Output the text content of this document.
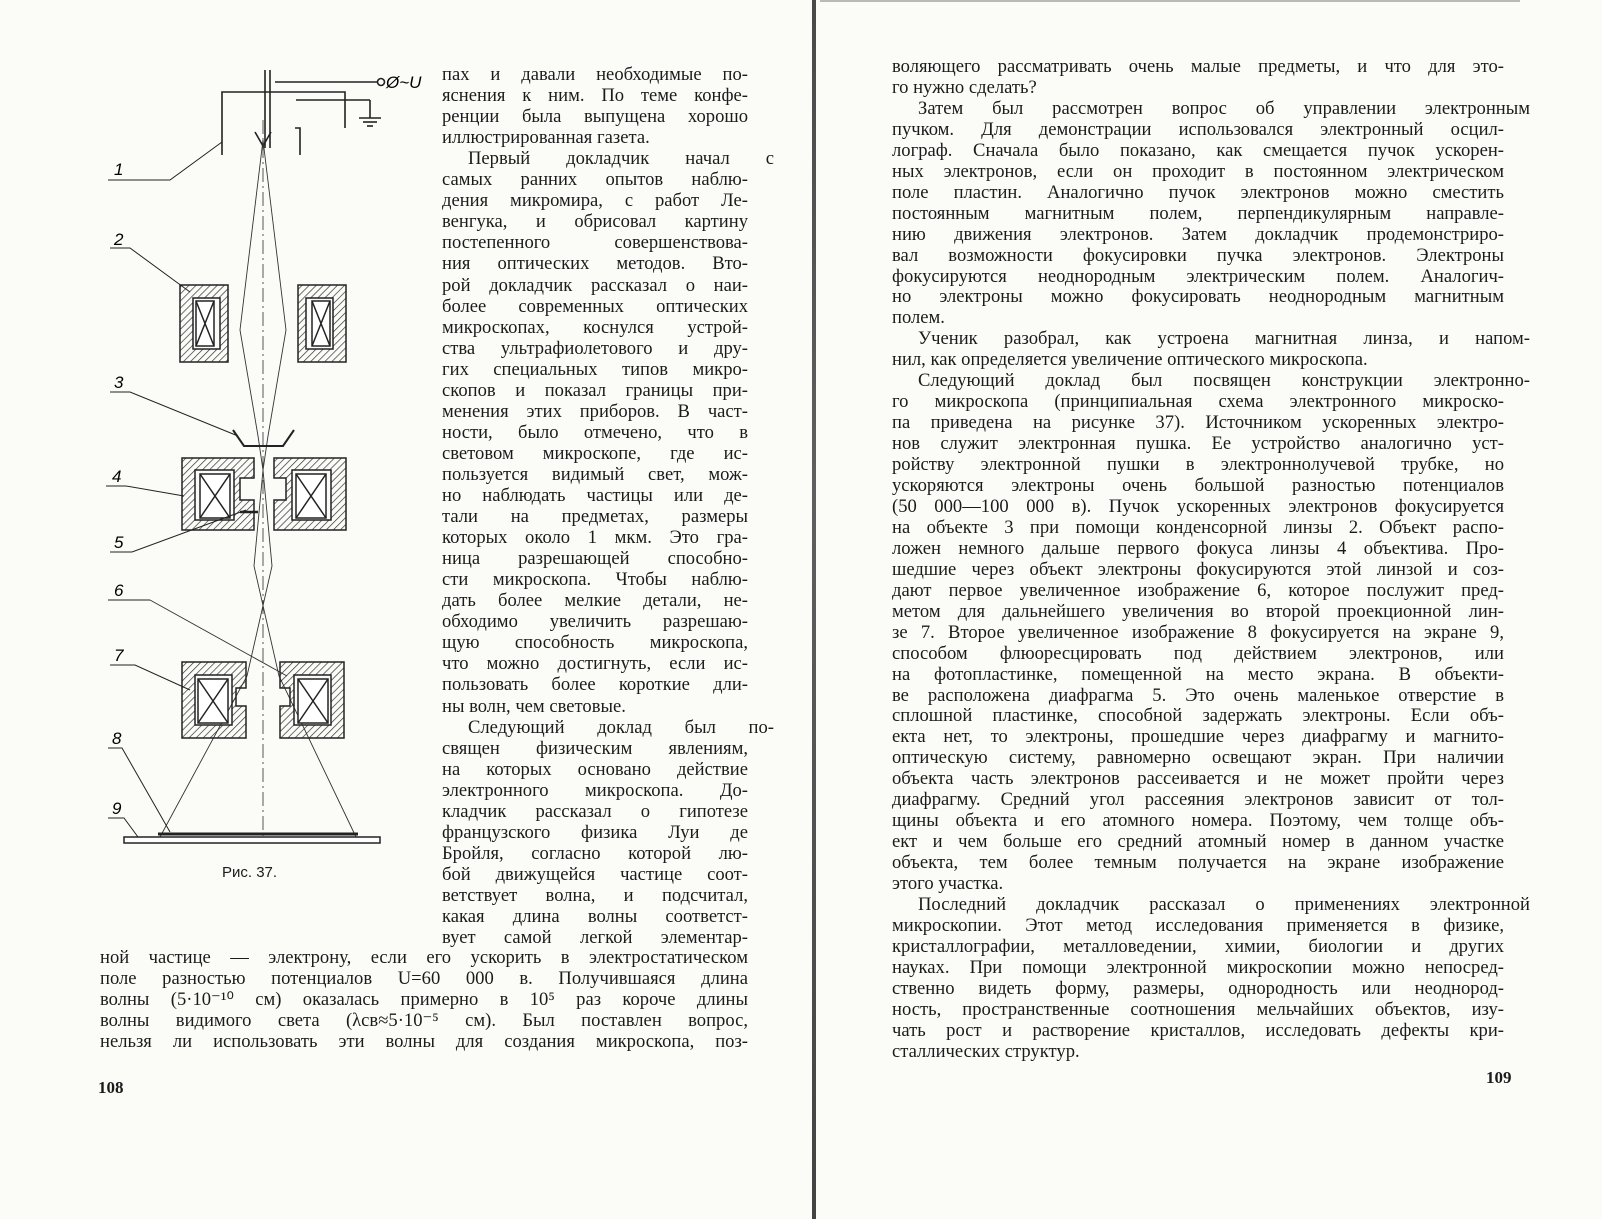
Ø~U
1
2
3
4
5
6
7
8
9
Рис. 37.
пах и давали необходимые по-
яснения к ним. По теме конфе-
ренции была выпущена хорошо
иллюстрированная газета.
Первый докладчик начал с
самых ранних опытов наблю-
дения микромира, с работ Ле-
венгука, и обрисовал картину
постепенного совершенствова-
ния оптических методов. Вто-
рой докладчик рассказал о наи-
более современных оптических
микроскопах, коснулся устрой-
ства ультрафиолетового и дру-
гих специальных типов микро-
скопов и показал границы при-
менения этих приборов. В част-
ности, было отмечено, что в
световом микроскопе, где ис-
пользуется видимый свет, мож-
но наблюдать частицы или де-
тали на предметах, размеры
которых около 1 мкм. Это гра-
ница разрешающей способно-
сти микроскопа. Чтобы наблю-
дать более мелкие детали, не-
обходимо увеличить разрешаю-
щую способность микроскопа,
что можно достигнуть, если ис-
пользовать более короткие дли-
ны волн, чем световые.
Следующий доклад был по-
священ физическим явлениям,
на которых основано действие
электронного микроскопа. До-
кладчик рассказал о гипотезе
французского физика Луи де
Бройля, согласно которой лю-
бой движущейся частице соот-
ветствует волна, и подсчитал,
какая длина волны соответст-
вует самой легкой элементар-
ной частице — электрону, если его ускорить в электростатическом
поле разностью потенциалов U=60 000 в. Получившаяся длина
волны (5·10⁻¹⁰ см) оказалась примерно в 10⁵ раз короче длины
волны видимого света (λсв≈5·10⁻⁵ см). Был поставлен вопрос,
нельзя ли использовать эти волны для создания микроскопа, поз-
108
воляющего рассматривать очень малые предметы, и что для это-
го нужно сделать?
Затем был рассмотрен вопрос об управлении электронным
пучком. Для демонстрации использовался электронный осцил-
лограф. Сначала было показано, как смещается пучок ускорен-
ных электронов, если он проходит в постоянном электрическом
поле пластин. Аналогично пучок электронов можно сместить
постоянным магнитным полем, перпендикулярным направле-
нию движения электронов. Затем докладчик продемонстриро-
вал возможности фокусировки пучка электронов. Электроны
фокусируются неоднородным электрическим полем. Аналогич-
но электроны можно фокусировать неоднородным магнитным
полем.
Ученик разобрал, как устроена магнитная линза, и напом-
нил, как определяется увеличение оптического микроскопа.
Следующий доклад был посвящен конструкции электронно-
го микроскопа (принципиальная схема электронного микроско-
па приведена на рисунке 37). Источником ускоренных электро-
нов служит электронная пушка. Ее устройство аналогично уст-
ройству электронной пушки в электроннолучевой трубке, но
ускоряются электроны очень большой разностью потенциалов
(50 000—100 000 в). Пучок ускоренных электронов фокусируется
на объекте 3 при помощи конденсорной линзы 2. Объект распо-
ложен немного дальше первого фокуса линзы 4 объектива. Про-
шедшие через объект электроны фокусируются этой линзой и соз-
дают первое увеличенное изображение 6, которое послужит пред-
метом для дальнейшего увеличения во второй проекционной лин-
зе 7. Второе увеличенное изображение 8 фокусируется на экране 9,
способом флюоресцировать под действием электронов, или
на фотопластинке, помещенной на место экрана. В объекти-
ве расположена диафрагма 5. Это очень маленькое отверстие в
сплошной пластинке, способной задержать электроны. Если объ-
екта нет, то электроны, прошедшие через диафрагму и магнито-
оптическую систему, равномерно освещают экран. При наличии
объекта часть электронов рассеивается и не может пройти через
диафрагму. Средний угол рассеяния электронов зависит от тол-
щины объекта и его атомного номера. Поэтому, чем толще объ-
ект и чем больше его средний атомный номер в данном участке
объекта, тем более темным получается на экране изображение
этого участка.
Последний докладчик рассказал о применениях электронной
микроскопии. Этот метод исследования применяется в физике,
кристаллографии, металловедении, химии, биологии и других
науках. При помощи электронной микроскопии можно непосред-
ственно видеть форму, размеры, однородность или неоднород-
ность, пространственные соотношения мельчайших объектов, изу-
чать рост и растворение кристаллов, исследовать дефекты кри-
сталлических структур.
109
